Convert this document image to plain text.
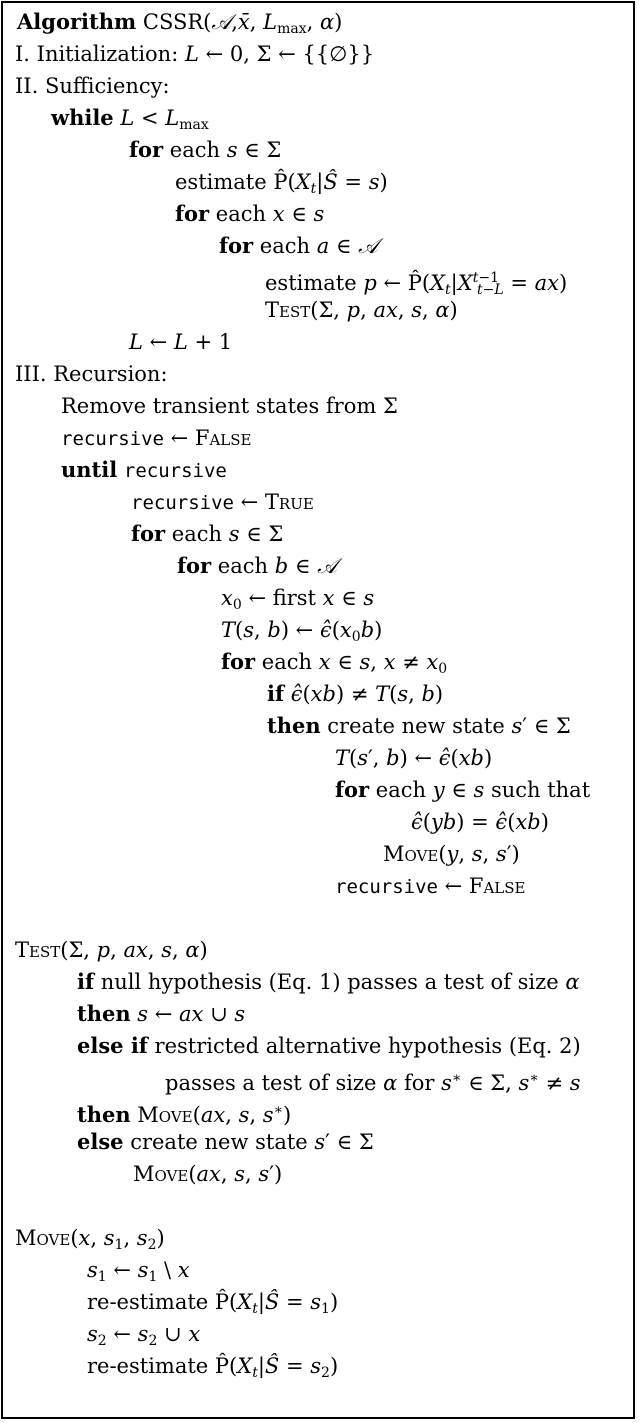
Algorithm CSSR(𝒜,x̄, $L_{max}$, α)
I. Initialization: L ← 0, Σ ← {{∅}}
II. Sufficiency:
while $L < L_{max}$
for each s ∈ Σ
estimate $P̂(X_t|Ŝ = s)$
for each x ∈ s
for each a ∈ 𝒜
estimate p ← $P̂(X_t|X^{t-1}_{t-L} = ax)$
Test(Σ, p, ax, s, α)
L ← L + 1
III. Recursion:
Remove transient states from Σ
recursive ← False
until recursive
recursive ← True
for each s ∈ Σ
for each b ∈ 𝒜
$x_0$ ← first x ∈ s
T(s, b) ← $\epsilon̂(x_0b)$
for each x ∈ s, $x \ne x_0$
if ϵ̂(xb) ≠ T(s, b)
then create new state s′ ∈ Σ
T(s′, b) ← ϵ̂(xb)
for each y ∈ s such that
ϵ̂(yb) = ϵ̂(xb)
Move(y, s, s′)
recursive ← False
Test(Σ, p, ax, s, α)
if null hypothesis (Eq. 1) passes a test of size α
then s ← ax ∪ s
else if restricted alternative hypothesis (Eq. 2)
passes a test of size α for s∗ ∈ Σ, s∗ ≠ s
then Move(ax, s, s∗)
else create new state s′ ∈ Σ
Move(ax, s, s′)
Move(x, $s_1$, $s_2$)
$s_1$ ← $s_1$ \ x
re-estimate $P̂(X_t|Ŝ = s_1)$
$s_2$ ← $s_2$ ∪ x
re-estimate $P̂(X_t|Ŝ = s_2)$
